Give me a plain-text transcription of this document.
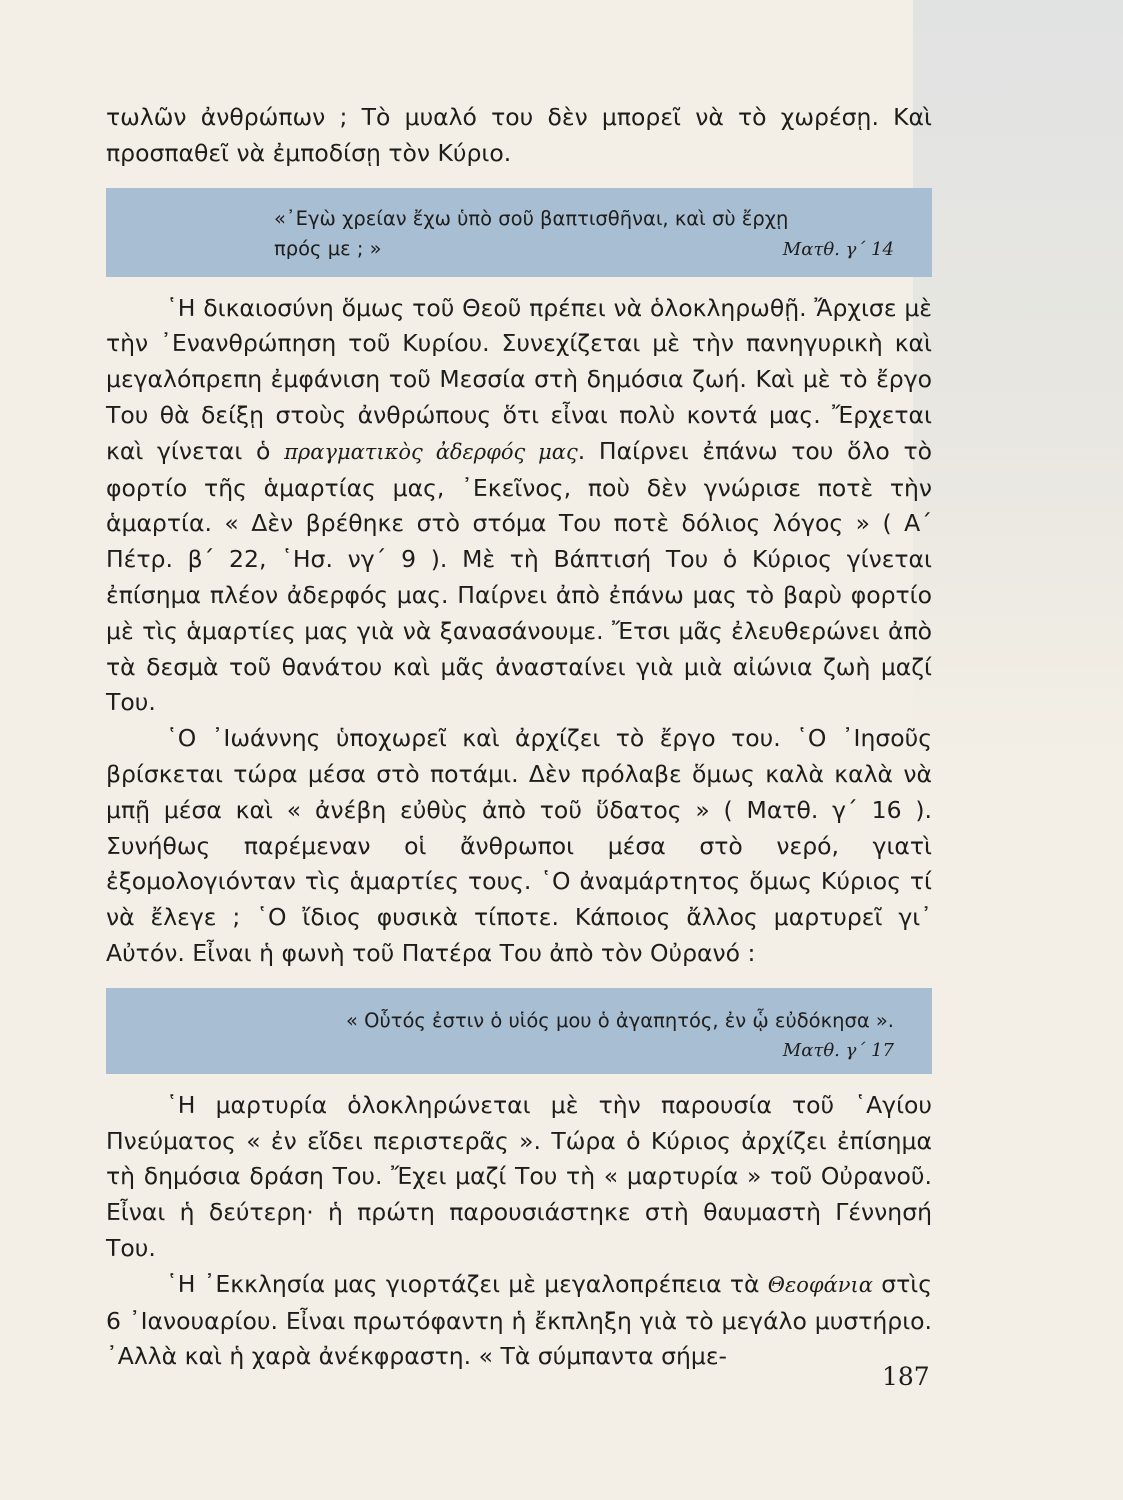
τωλῶν ἀνθρώπων ; Τὸ μυαλό του δὲν μπορεῖ νὰ τὸ χωρέσῃ. Καὶ προσπαθεῖ νὰ ἐμποδίσῃ τὸν Κύριο.

«᾿Εγὼ χρείαν ἔχω ὑπὸ σοῦ βαπτισθῆναι, καὶ σὺ ἔρχῃ
πρός με ; »	Ματθ. γ΄ 14

῾Η δικαιοσύνη ὅμως τοῦ Θεοῦ πρέπει νὰ ὁλοκληρωθῇ. Ἄρχισε μὲ τὴν ᾿Ενανθρώπηση τοῦ Κυρίου. Συνεχίζεται μὲ τὴν πανηγυρικὴ καὶ μεγαλόπρεπη ἐμφάνιση τοῦ Μεσσία στὴ δημόσια ζωή. Καὶ μὲ τὸ ἔργο Του θὰ δείξῃ στοὺς ἀνθρώπους ὅτι εἶναι πολὺ κοντά μας. Ἔρχεται καὶ γίνεται ὁ πραγματικὸς ἀδερφός μας. Παίρνει ἐπάνω του ὅλο τὸ φορτίο τῆς ἁμαρτίας μας, ᾿Εκεῖνος, ποὺ δὲν γνώρισε ποτὲ τὴν ἁμαρτία. « Δὲν βρέθηκε στὸ στόμα Του ποτὲ δόλιος λόγος » ( Α΄ Πέτρ. β΄ 22, ῾Ησ. νγ΄ 9 ). Μὲ τὴ Βάπτισή Του ὁ Κύριος γίνεται ἐπίσημα πλέον ἀδερφός μας. Παίρνει ἀπὸ ἐπάνω μας τὸ βαρὺ φορτίο μὲ τὶς ἁμαρτίες μας γιὰ νὰ ξανασάνουμε. Ἔτσι μᾶς ἐλευθερώνει ἀπὸ τὰ δεσμὰ τοῦ θανάτου καὶ μᾶς ἀνασταίνει γιὰ μιὰ αἰώνια ζωὴ μαζί Του.

῾Ο ᾿Ιωάννης ὑποχωρεῖ καὶ ἀρχίζει τὸ ἔργο του. ῾Ο ᾿Ιησοῦς βρίσκεται τώρα μέσα στὸ ποτάμι. Δὲν πρόλαβε ὅμως καλὰ καλὰ νὰ μπῇ μέσα καὶ « ἀνέβη εὐθὺς ἀπὸ τοῦ ὕδατος » ( Ματθ. γ΄ 16 ). Συνήθως παρέμεναν οἱ ἄνθρωποι μέσα στὸ νερό, γιατὶ ἐξομολογιόνταν τὶς ἁμαρτίες τους. ῾Ο ἀναμάρτητος ὅμως Κύριος τί νὰ ἔλεγε ; ῾Ο ἴδιος φυσικὰ τίποτε. Κάποιος ἄλλος μαρτυρεῖ γι᾿ Αὐτόν. Εἶναι ἡ φωνὴ τοῦ Πατέρα Του ἀπὸ τὸν Οὐρανό :

« Οὗτός ἐστιν ὁ υἱός μου ὁ ἀγαπητός, ἐν ᾧ εὐδόκησα ».
Ματθ. γ΄ 17

῾Η μαρτυρία ὁλοκληρώνεται μὲ τὴν παρουσία τοῦ ῾Αγίου Πνεύματος « ἐν εἴδει περιστερᾶς ». Τώρα ὁ Κύριος ἀρχίζει ἐπίσημα τὴ δημόσια δράση Του. Ἔχει μαζί Του τὴ « μαρτυρία » τοῦ Οὐρανοῦ. Εἶναι ἡ δεύτερη· ἡ πρώτη παρουσιάστηκε στὴ θαυμαστὴ Γέννησή Του.

῾Η ᾿Εκκλησία μας γιορτάζει μὲ μεγαλοπρέπεια τὰ Θεοφάνια στὶς 6 ᾿Ιανουαρίου. Εἶναι πρωτόφαντη ἡ ἔκπληξη γιὰ τὸ μεγάλο μυστήριο. ᾿Αλλὰ καὶ ἡ χαρὰ ἀνέκφραστη. « Τὰ σύμπαντα σήμε-

187
